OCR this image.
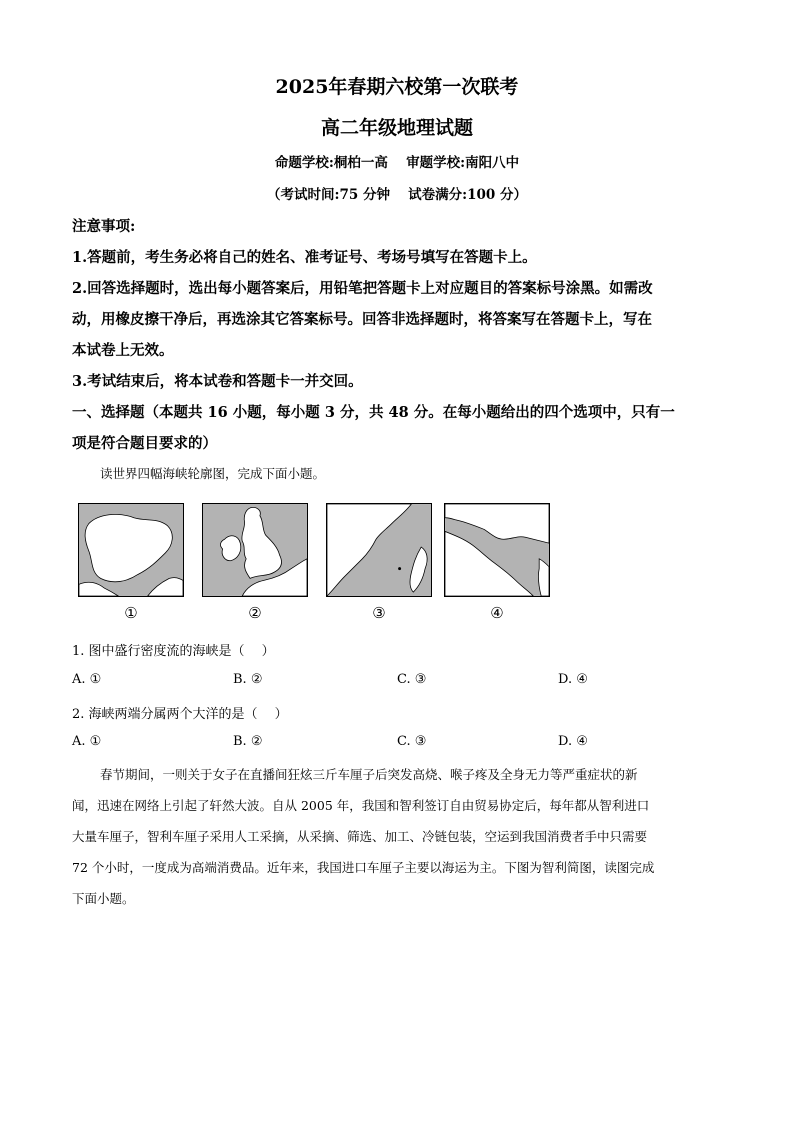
2025年春期六校第一次联考
高二年级地理试题
命题学校:桐柏一高　 审题学校:南阳八中
（考试时间:75 分钟　 试卷满分:100 分）
注意事项:
1.答题前，考生务必将自己的姓名、准考证号、考场号填写在答题卡上。
2.回答选择题时，选出每小题答案后，用铅笔把答题卡上对应题目的答案标号涂黑。如需改
动，用橡皮擦干净后，再选涂其它答案标号。回答非选择题时，将答案写在答题卡上，写在
本试卷上无效。
3.考试结束后，将本试卷和答题卡一并交回。
一、选择题（本题共 16 小题，每小题 3 分，共 48 分。在每小题给出的四个选项中，只有一
项是符合题目要求的）
读世界四幅海峡轮廓图，完成下面小题。
①	②	③	④
1. 图中盛行密度流的海峡是（　 ）
A. ①	B. ②	C. ③	D. ④
2. 海峡两端分属两个大洋的是（　 ）
A. ①	B. ②	C. ③	D. ④
春节期间，一则关于女子在直播间狂炫三斤车厘子后突发高烧、喉子疼及全身无力等严重症状的新
闻，迅速在网络上引起了轩然大波。自从 2005 年，我国和智利签订自由贸易协定后，每年都从智利进口
大量车厘子，智利车厘子采用人工采摘，从采摘、筛选、加工、冷链包装，空运到我国消费者手中只需要
72 个小时，一度成为高端消费品。近年来，我国进口车厘子主要以海运为主。下图为智利简图，读图完成
下面小题。
